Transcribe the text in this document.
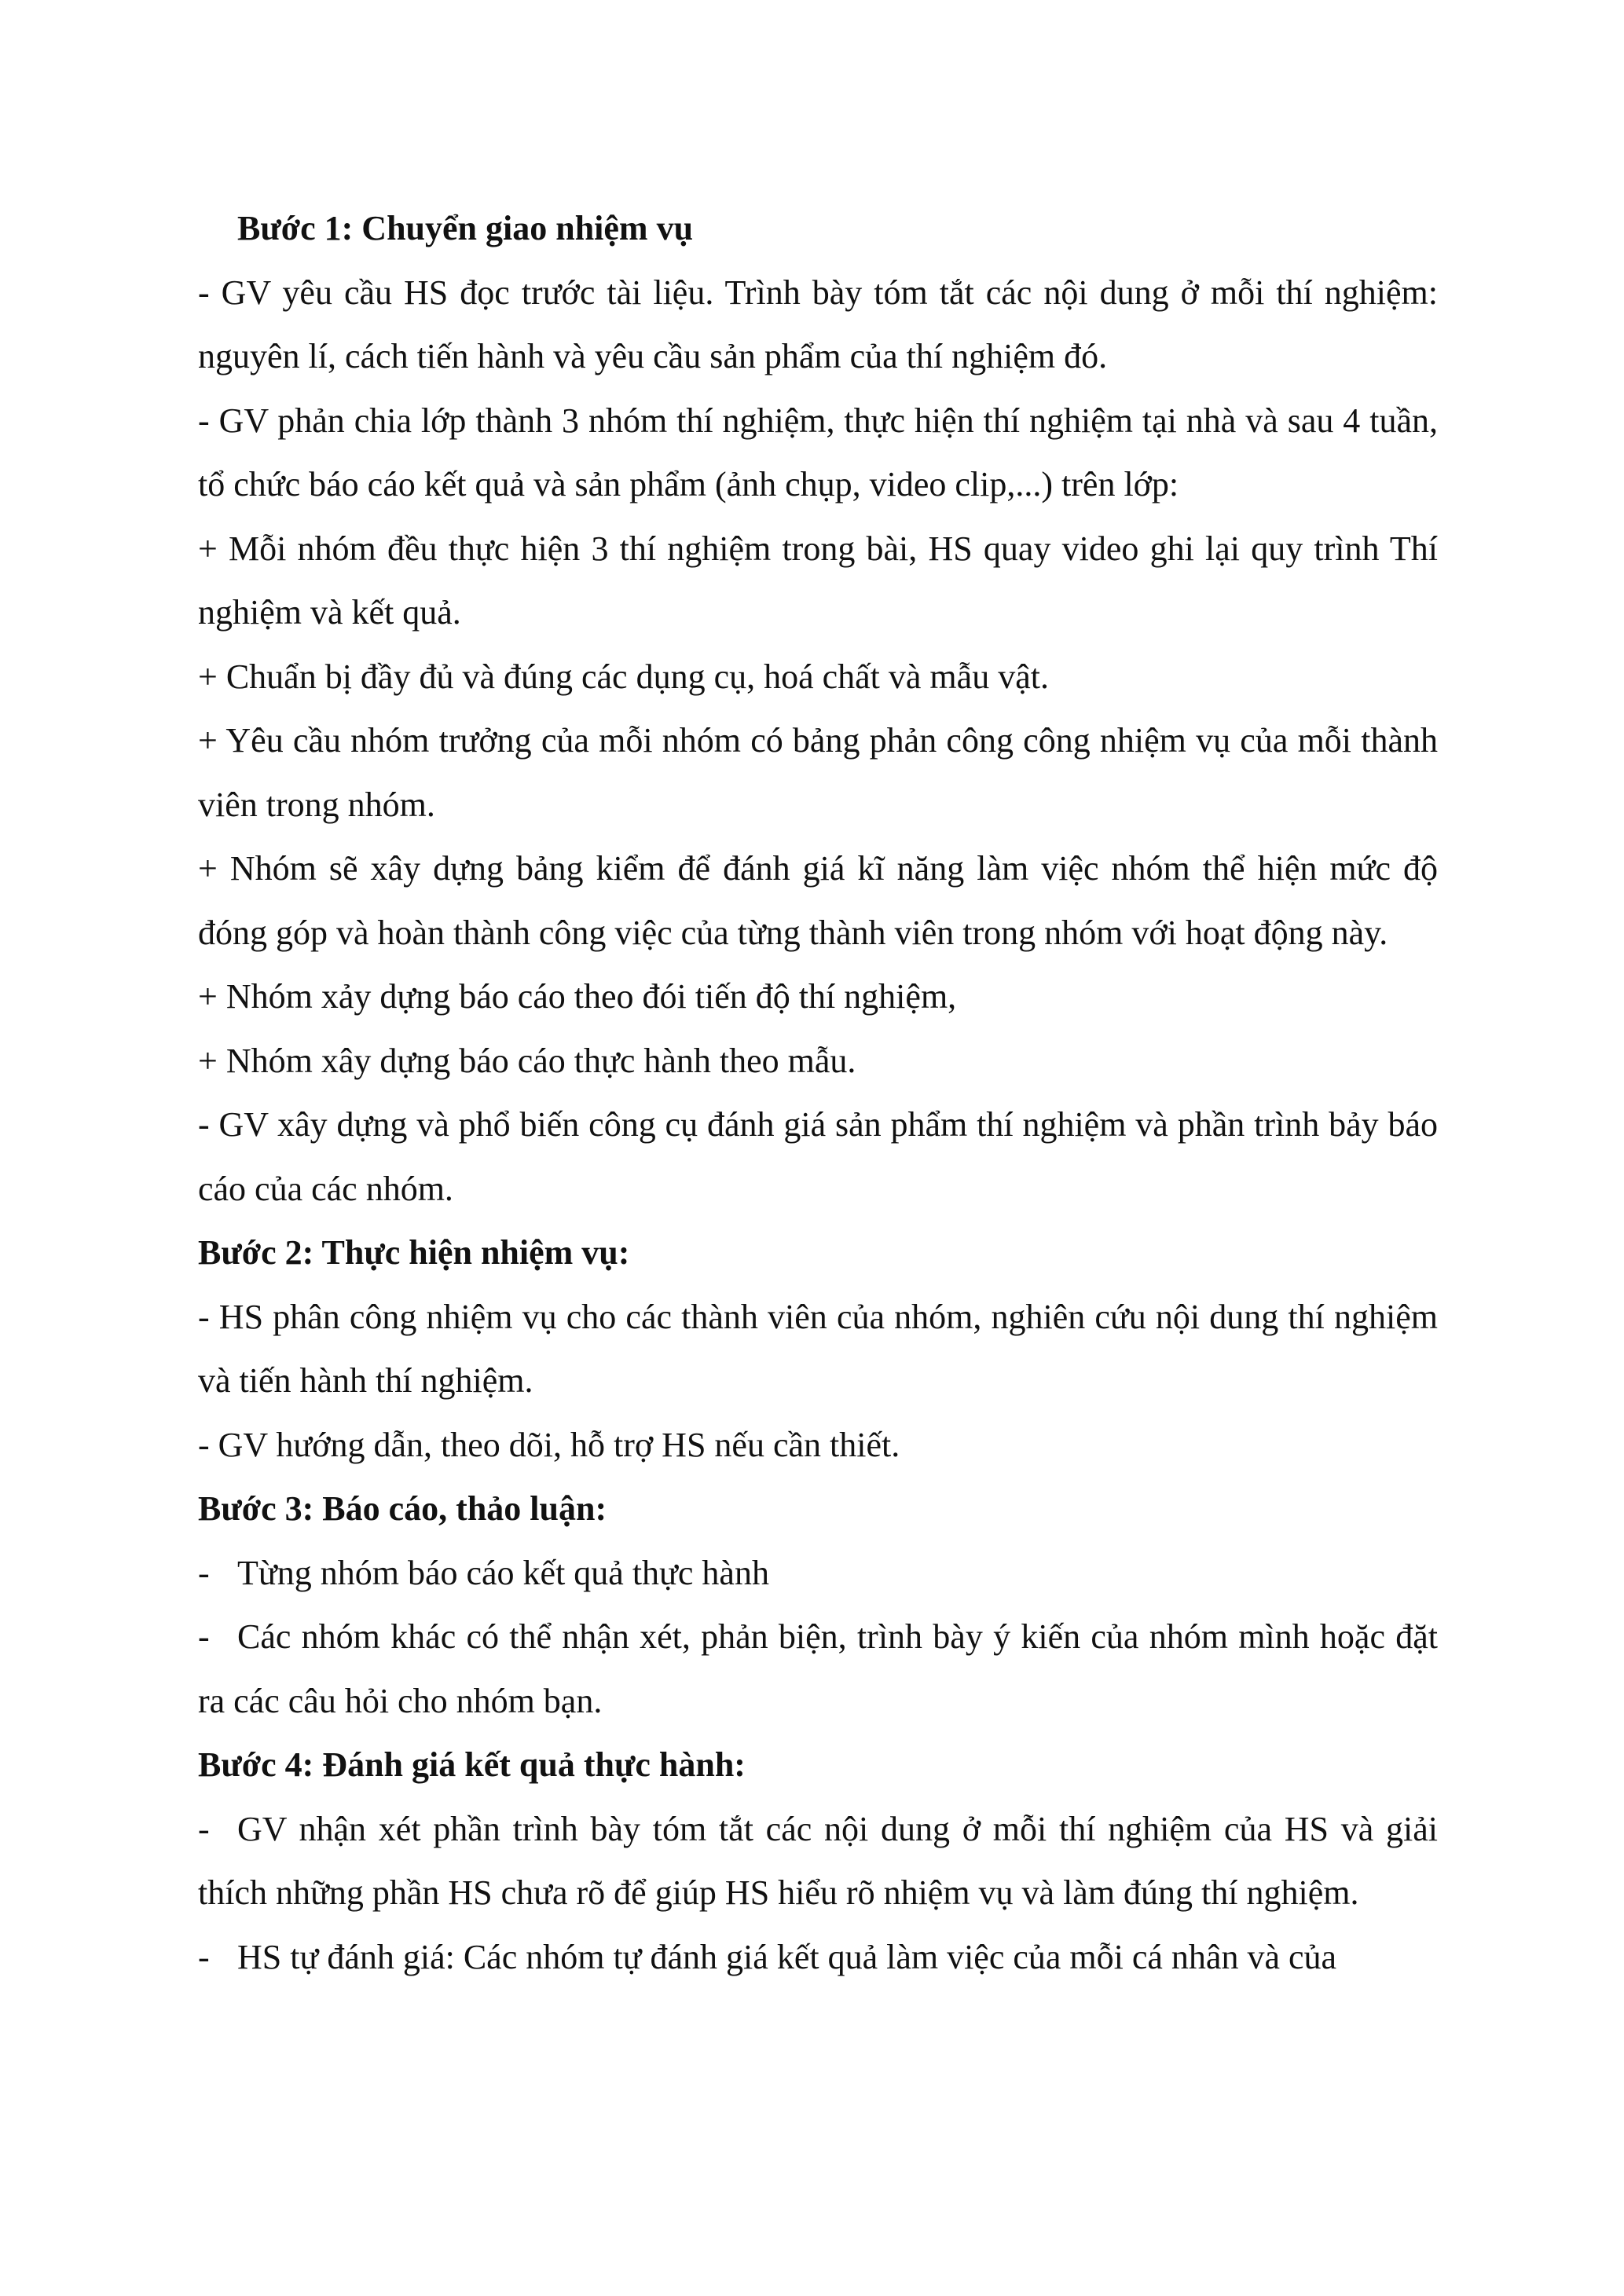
Bước 1: Chuyển giao nhiệm vụ

- GV yêu cầu HS đọc trước tài liệu. Trình bày tóm tắt các nội dung ở mỗi thí nghiệm: nguyên lí, cách tiến hành và yêu cầu sản phẩm của thí nghiệm đó.

- GV phản chia lớp thành 3 nhóm thí nghiệm, thực hiện thí nghiệm tại nhà và sau 4 tuần, tổ chức báo cáo kết quả và sản phẩm (ảnh chụp, video clip,...) trên lớp:

+ Mỗi nhóm đều thực hiện 3 thí nghiệm trong bài, HS quay video ghi lại quy trình Thí nghiệm và kết quả.

+ Chuẩn bị đầy đủ và đúng các dụng cụ, hoá chất và mẫu vật.

+ Yêu cầu nhóm trưởng của mỗi nhóm có bảng phản công công nhiệm vụ của mỗi thành viên trong nhóm.

+ Nhóm sẽ xây dựng bảng kiểm để đánh giá kĩ năng làm việc nhóm thể hiện mức độ đóng góp và hoàn thành công việc của từng thành viên trong nhóm với hoạt động này.

+ Nhóm xảy dựng báo cáo theo đói tiến độ thí nghiệm,

+ Nhóm xây dựng báo cáo thực hành theo mẫu.

- GV xây dựng và phổ biến công cụ đánh giá sản phẩm thí nghiệm và phần trình bảy báo cáo của các nhóm.

Bước 2: Thực hiện nhiệm vụ:

- HS phân công nhiệm vụ cho các thành viên của nhóm, nghiên cứu nội dung thí nghiệm và tiến hành thí nghiệm.

- GV hướng dẫn, theo dõi, hỗ trợ HS nếu cần thiết.

Bước 3: Báo cáo, thảo luận:

- Từng nhóm báo cáo kết quả thực hành

- Các nhóm khác có thể nhận xét, phản biện, trình bày ý kiến của nhóm mình hoặc đặt ra các câu hỏi cho nhóm bạn.

Bước 4: Đánh giá kết quả thực hành:

- GV nhận xét phần trình bày tóm tắt các nội dung ở mỗi thí nghiệm của HS và giải thích những phần HS chưa rõ để giúp HS hiểu rõ nhiệm vụ và làm đúng thí nghiệm.

- HS tự đánh giá: Các nhóm tự đánh giá kết quả làm việc của mỗi cá nhân và của
